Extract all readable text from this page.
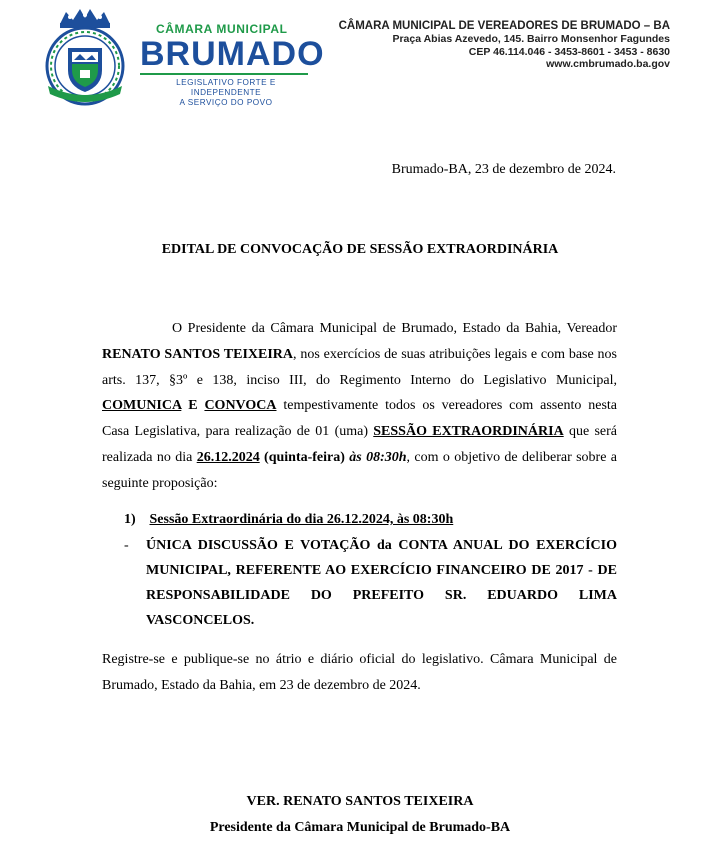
CÂMARA MUNICIPAL
BRUMADO
LEGISLATIVO FORTE E INDEPENDENTE
A SERVIÇO DO POVO
CÂMARA MUNICIPAL DE VEREADORES DE BRUMADO – BA
Praça Abias Azevedo, 145. Bairro Monsenhor Fagundes
CEP 46.114.046 - 3453-8601 - 3453 - 8630
www.cmbrumado.ba.gov
Brumado-BA, 23 de dezembro de 2024.
EDITAL DE CONVOCAÇÃO DE SESSÃO EXTRAORDINÁRIA
O Presidente da Câmara Municipal de Brumado, Estado da Bahia, Vereador RENATO SANTOS TEIXEIRA, nos exercícios de suas atribuições legais e com base nos arts. 137, §3º e 138, inciso III, do Regimento Interno do Legislativo Municipal, COMUNICA E CONVOCA tempestivamente todos os vereadores com assento nesta Casa Legislativa, para realização de 01 (uma) SESSÃO EXTRAORDINÁRIA que será realizada no dia 26.12.2024 (quinta-feira) às 08:30h, com o objetivo de deliberar sobre a seguinte proposição:
1) Sessão Extraordinária do dia 26.12.2024, às 08:30h
- ÚNICA DISCUSSÃO E VOTAÇÃO da CONTA ANUAL DO EXERCÍCIO MUNICIPAL, REFERENTE AO EXERCÍCIO FINANCEIRO DE 2017 - DE RESPONSABILIDADE DO PREFEITO SR. EDUARDO LIMA VASCONCELOS.
Registre-se e publique-se no átrio e diário oficial do legislativo. Câmara Municipal de Brumado, Estado da Bahia, em 23 de dezembro de 2024.
VER. RENATO SANTOS TEIXEIRA
Presidente da Câmara Municipal de Brumado-BA
